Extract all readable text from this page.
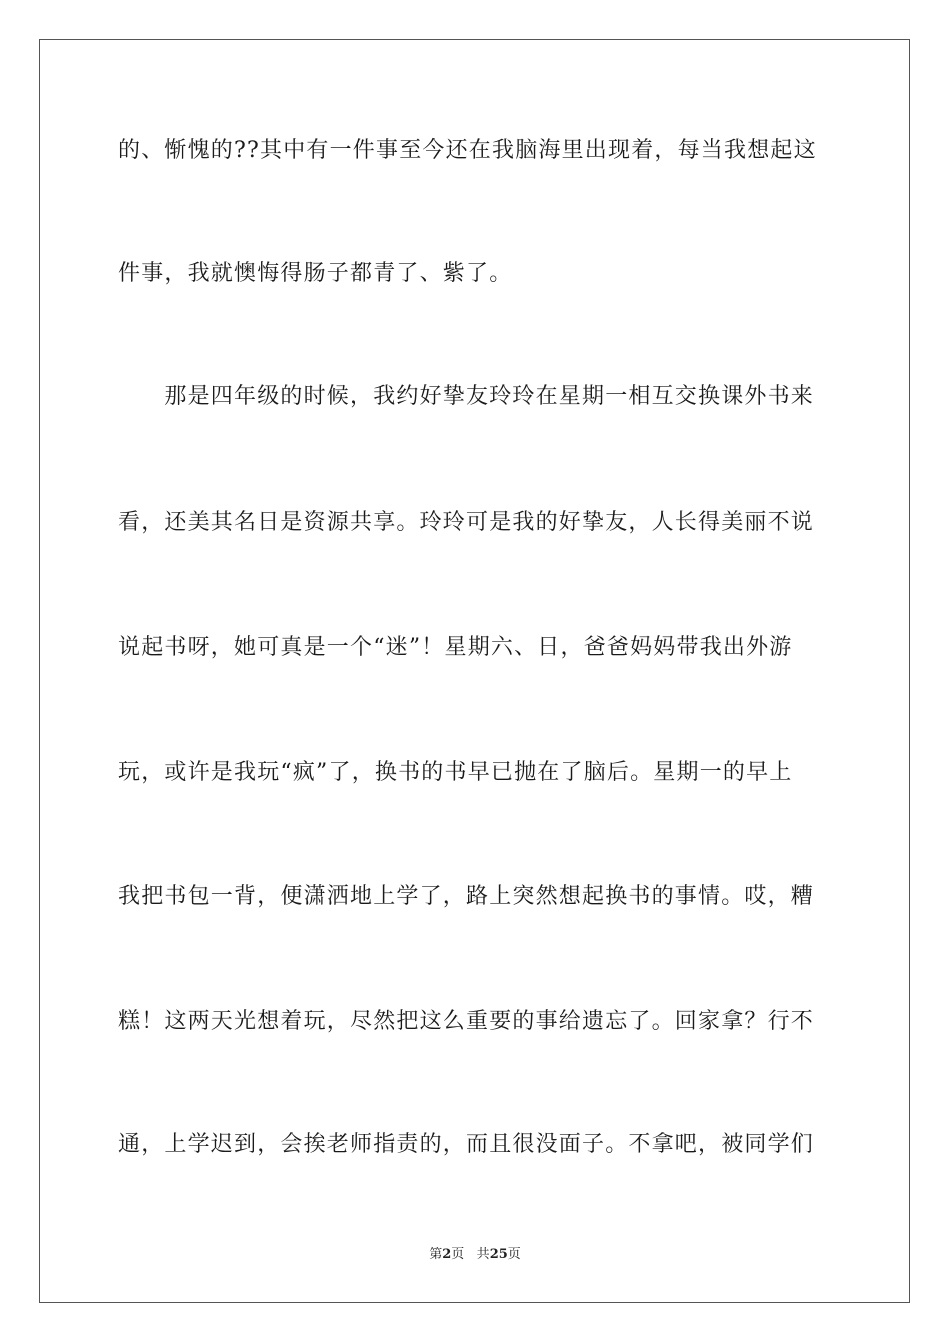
的、惭愧的??其中有一件事至今还在我脑海里出现着，每当我想起这
件事，我就懊悔得肠子都青了、紫了。
　　那是四年级的时候，我约好挚友玲玲在星期一相互交换课外书来
看，还美其名日是资源共享。玲玲可是我的好挚友，人长得美丽不说
说起书呀，她可真是一个“迷”！星期六、日，爸爸妈妈带我出外游
玩，或许是我玩“疯”了，换书的书早已抛在了脑后。星期一的早上
我把书包一背，便潇洒地上学了，路上突然想起换书的事情。哎，糟
糕！这两天光想着玩，尽然把这么重要的事给遗忘了。回家拿？行不
通，上学迟到，会挨老师指责的，而且很没面子。不拿吧，被同学们
第2页 共25页
